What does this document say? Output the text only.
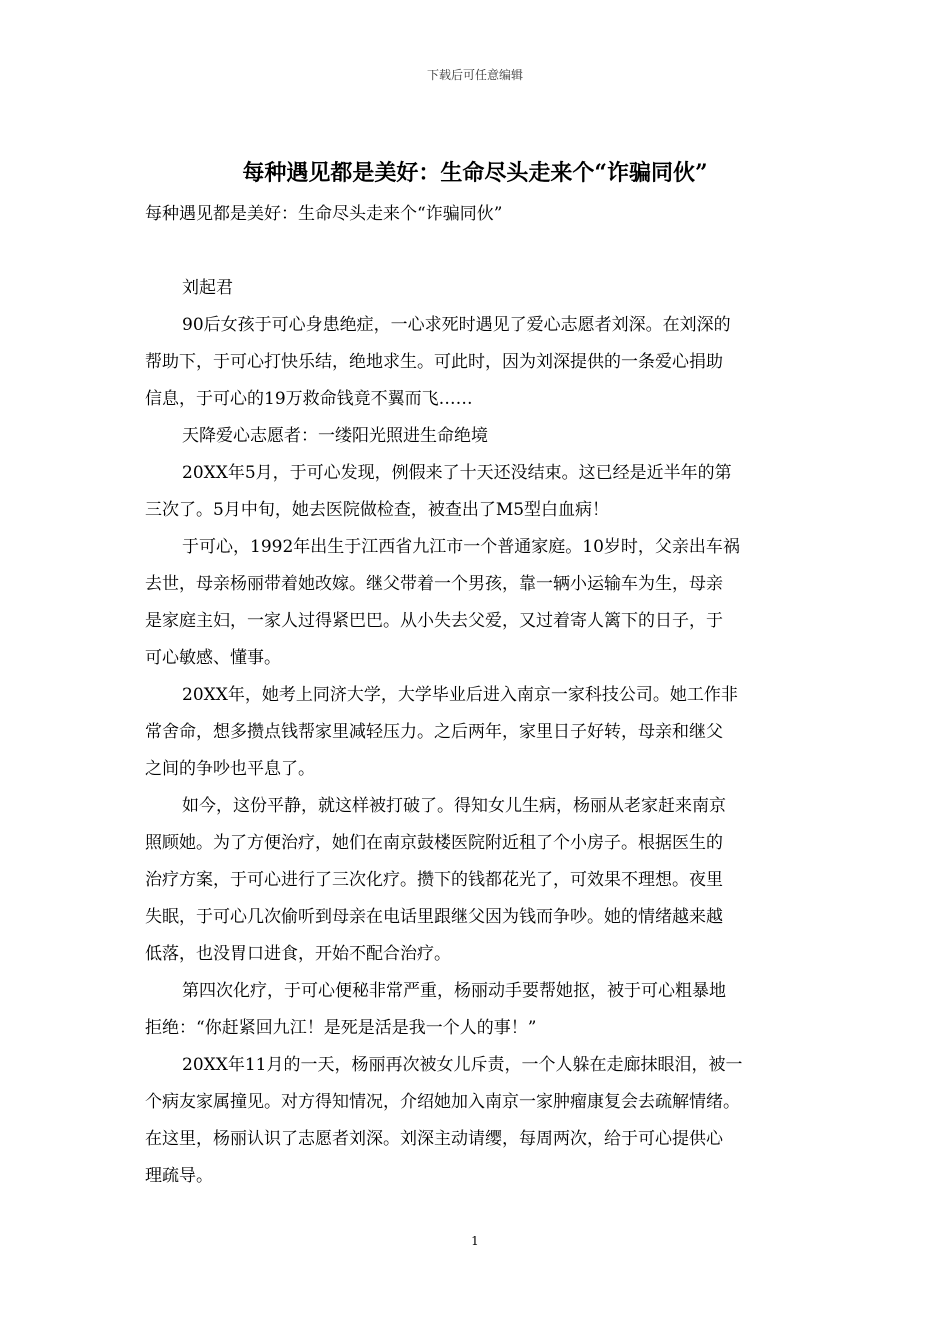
下载后可任意编辑
每种遇见都是美好：生命尽头走来个“诈骗同伙”
每种遇见都是美好：生命尽头走来个“诈骗同伙”
刘起君
90后女孩于可心身患绝症，一心求死时遇见了爱心志愿者刘深。在刘深的
帮助下，于可心打快乐结，绝地求生。可此时，因为刘深提供的一条爱心捐助
信息，于可心的19万救命钱竟不翼而飞……
天降爱心志愿者：一缕阳光照进生命绝境
20XX年5月，于可心发现，例假来了十天还没结束。这已经是近半年的第
三次了。5月中旬，她去医院做检查，被查出了M5型白血病！
于可心，1992年出生于江西省九江市一个普通家庭。10岁时，父亲出车祸
去世，母亲杨丽带着她改嫁。继父带着一个男孩，靠一辆小运输车为生，母亲
是家庭主妇，一家人过得紧巴巴。从小失去父爱，又过着寄人篱下的日子，于
可心敏感、懂事。
20XX年，她考上同济大学，大学毕业后进入南京一家科技公司。她工作非
常舍命，想多攒点钱帮家里减轻压力。之后两年，家里日子好转，母亲和继父
之间的争吵也平息了。
如今，这份平静，就这样被打破了。得知女儿生病，杨丽从老家赶来南京
照顾她。为了方便治疗，她们在南京鼓楼医院附近租了个小房子。根据医生的
治疗方案，于可心进行了三次化疗。攒下的钱都花光了，可效果不理想。夜里
失眠，于可心几次偷听到母亲在电话里跟继父因为钱而争吵。她的情绪越来越
低落，也没胃口进食，开始不配合治疗。
第四次化疗，于可心便秘非常严重，杨丽动手要帮她抠，被于可心粗暴地
拒绝：“你赶紧回九江！是死是活是我一个人的事！”
20XX年11月的一天，杨丽再次被女儿斥责，一个人躲在走廊抹眼泪，被一
个病友家属撞见。对方得知情况，介绍她加入南京一家肿瘤康复会去疏解情绪。
在这里，杨丽认识了志愿者刘深。刘深主动请缨，每周两次，给于可心提供心
理疏导。
1
